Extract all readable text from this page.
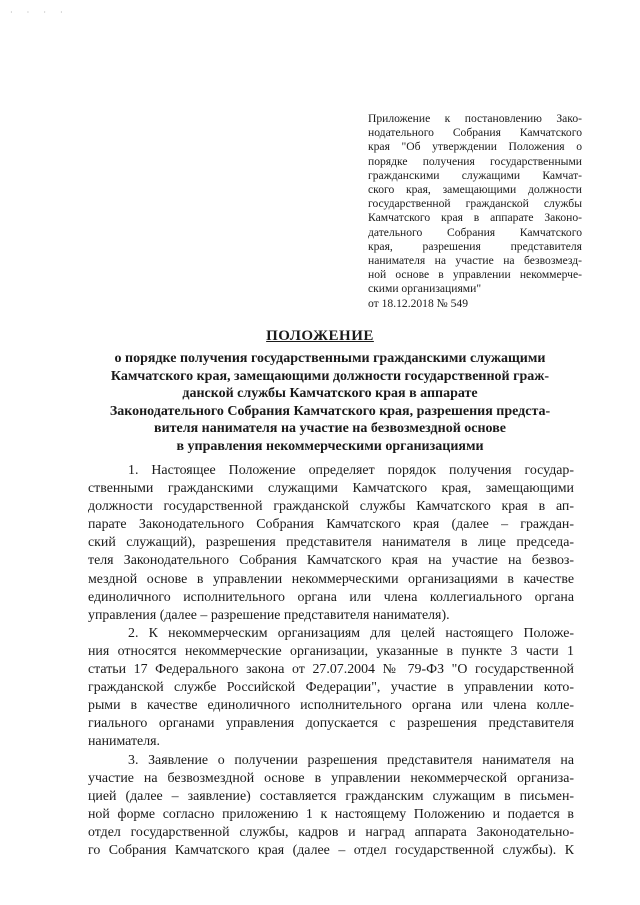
· · · ·
Приложение к постановлению Зако-
нодательного Собрания Камчатского
края "Об утверждении Положения о
порядке получения государственными
гражданскими служащими Камчат-
ского края, замещающими должности
государственной гражданской службы
Камчатского края в аппарате Законо-
дательного Собрания Камчатского
края, разрешения представителя
нанимателя на участие на безвозмезд-
ной основе в управлении некоммерче-
скими организациями"
от 18.12.2018 № 549
ПОЛОЖЕНИЕ
о порядке получения государственными гражданскими служащими
Камчатского края, замещающими должности государственной граж-
данской службы Камчатского края в аппарате
Законодательного Собрания Камчатского края, разрешения предста-
вителя нанимателя на участие на безвозмездной основе
в управления некоммерческими организациями
1. Настоящее Положение определяет порядок получения государ-
ственными гражданскими служащими Камчатского края, замещающими
должности государственной гражданской службы Камчатского края в ап-
парате Законодательного Собрания Камчатского края (далее – граждан-
ский служащий), разрешения представителя нанимателя в лице председа-
теля Законодательного Собрания Камчатского края на участие на безвоз-
мездной основе в управлении некоммерческими организациями в качестве
единоличного исполнительного органа или члена коллегиального органа
управления (далее – разрешение представителя нанимателя).
2. К некоммерческим организациям для целей настоящего Положе-
ния относятся некоммерческие организации, указанные в пункте 3 части 1
статьи 17 Федерального закона от 27.07.2004 № 79-ФЗ "О государственной
гражданской службе Российской Федерации", участие в управлении кото-
рыми в качестве единоличного исполнительного органа или члена колле-
гиального органами управления допускается с разрешения представителя
нанимателя.
3. Заявление о получении разрешения представителя нанимателя на
участие на безвозмездной основе в управлении некоммерческой организа-
цией (далее – заявление) составляется гражданским служащим в письмен-
ной форме согласно приложению 1 к настоящему Положению и подается в
отдел государственной службы, кадров и наград аппарата Законодательно-
го Собрания Камчатского края (далее – отдел государственной службы). К
